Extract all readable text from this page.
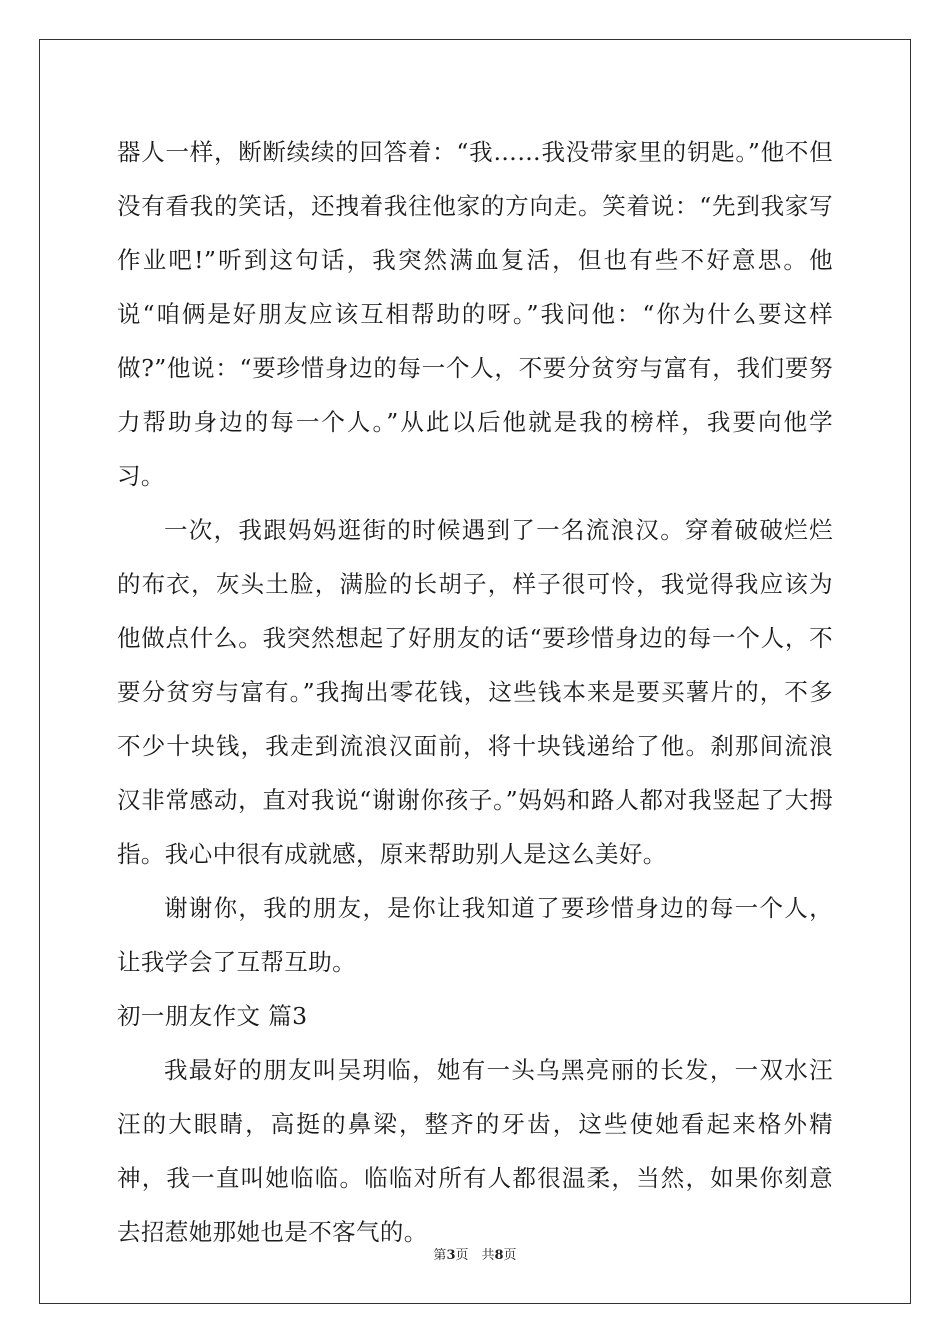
器人一样，断断续续的回答着：“我……我没带家里的钥匙。”他不但没有看我的笑话，还拽着我往他家的方向走。笑着说：“先到我家写作业吧!”听到这句话，我突然满血复活，但也有些不好意思。他说“咱俩是好朋友应该互相帮助的呀。”我问他：“你为什么要这样做?”他说：“要珍惜身边的每一个人，不要分贫穷与富有，我们要努力帮助身边的每一个人。”从此以后他就是我的榜样，我要向他学习。

一次，我跟妈妈逛街的时候遇到了一名流浪汉。穿着破破烂烂的布衣，灰头土脸，满脸的长胡子，样子很可怜，我觉得我应该为他做点什么。我突然想起了好朋友的话“要珍惜身边的每一个人，不要分贫穷与富有。”我掏出零花钱，这些钱本来是要买薯片的，不多不少十块钱，我走到流浪汉面前，将十块钱递给了他。刹那间流浪汉非常感动，直对我说“谢谢你孩子。”妈妈和路人都对我竖起了大拇指。我心中很有成就感，原来帮助别人是这么美好。

谢谢你，我的朋友，是你让我知道了要珍惜身边的每一个人，让我学会了互帮互助。

初一朋友作文 篇3

我最好的朋友叫吴玥临，她有一头乌黑亮丽的长发，一双水汪汪的大眼睛，高挺的鼻梁，整齐的牙齿，这些使她看起来格外精神，我一直叫她临临。临临对所有人都很温柔，当然，如果你刻意去招惹她那她也是不客气的。

第3页　共8页
